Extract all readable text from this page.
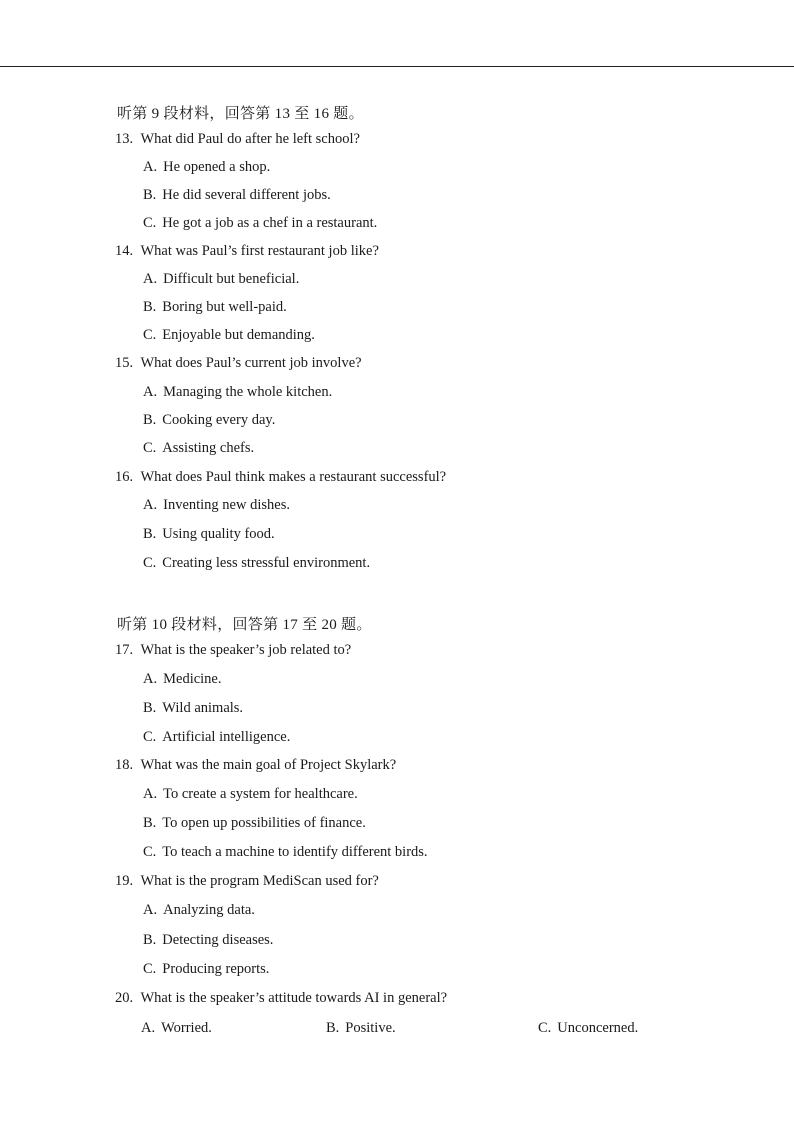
听第 9 段材料，回答第 13 至 16 题。
13. What did Paul do after he left school?
A. He opened a shop.
B. He did several different jobs.
C. He got a job as a chef in a restaurant.
14. What was Paul’s first restaurant job like?
A. Difficult but beneficial.
B. Boring but well-paid.
C. Enjoyable but demanding.
15. What does Paul’s current job involve?
A. Managing the whole kitchen.
B. Cooking every day.
C. Assisting chefs.
16. What does Paul think makes a restaurant successful?
A. Inventing new dishes.
B. Using quality food.
C. Creating less stressful environment.
听第 10 段材料，回答第 17 至 20 题。
17. What is the speaker’s job related to?
A. Medicine.
B. Wild animals.
C. Artificial intelligence.
18. What was the main goal of Project Skylark?
A. To create a system for healthcare.
B. To open up possibilities of finance.
C. To teach a machine to identify different birds.
19. What is the program MediScan used for?
A. Analyzing data.
B. Detecting diseases.
C. Producing reports.
20. What is the speaker’s attitude towards AI in general?
A. Worried.	B. Positive.	C. Unconcerned.
